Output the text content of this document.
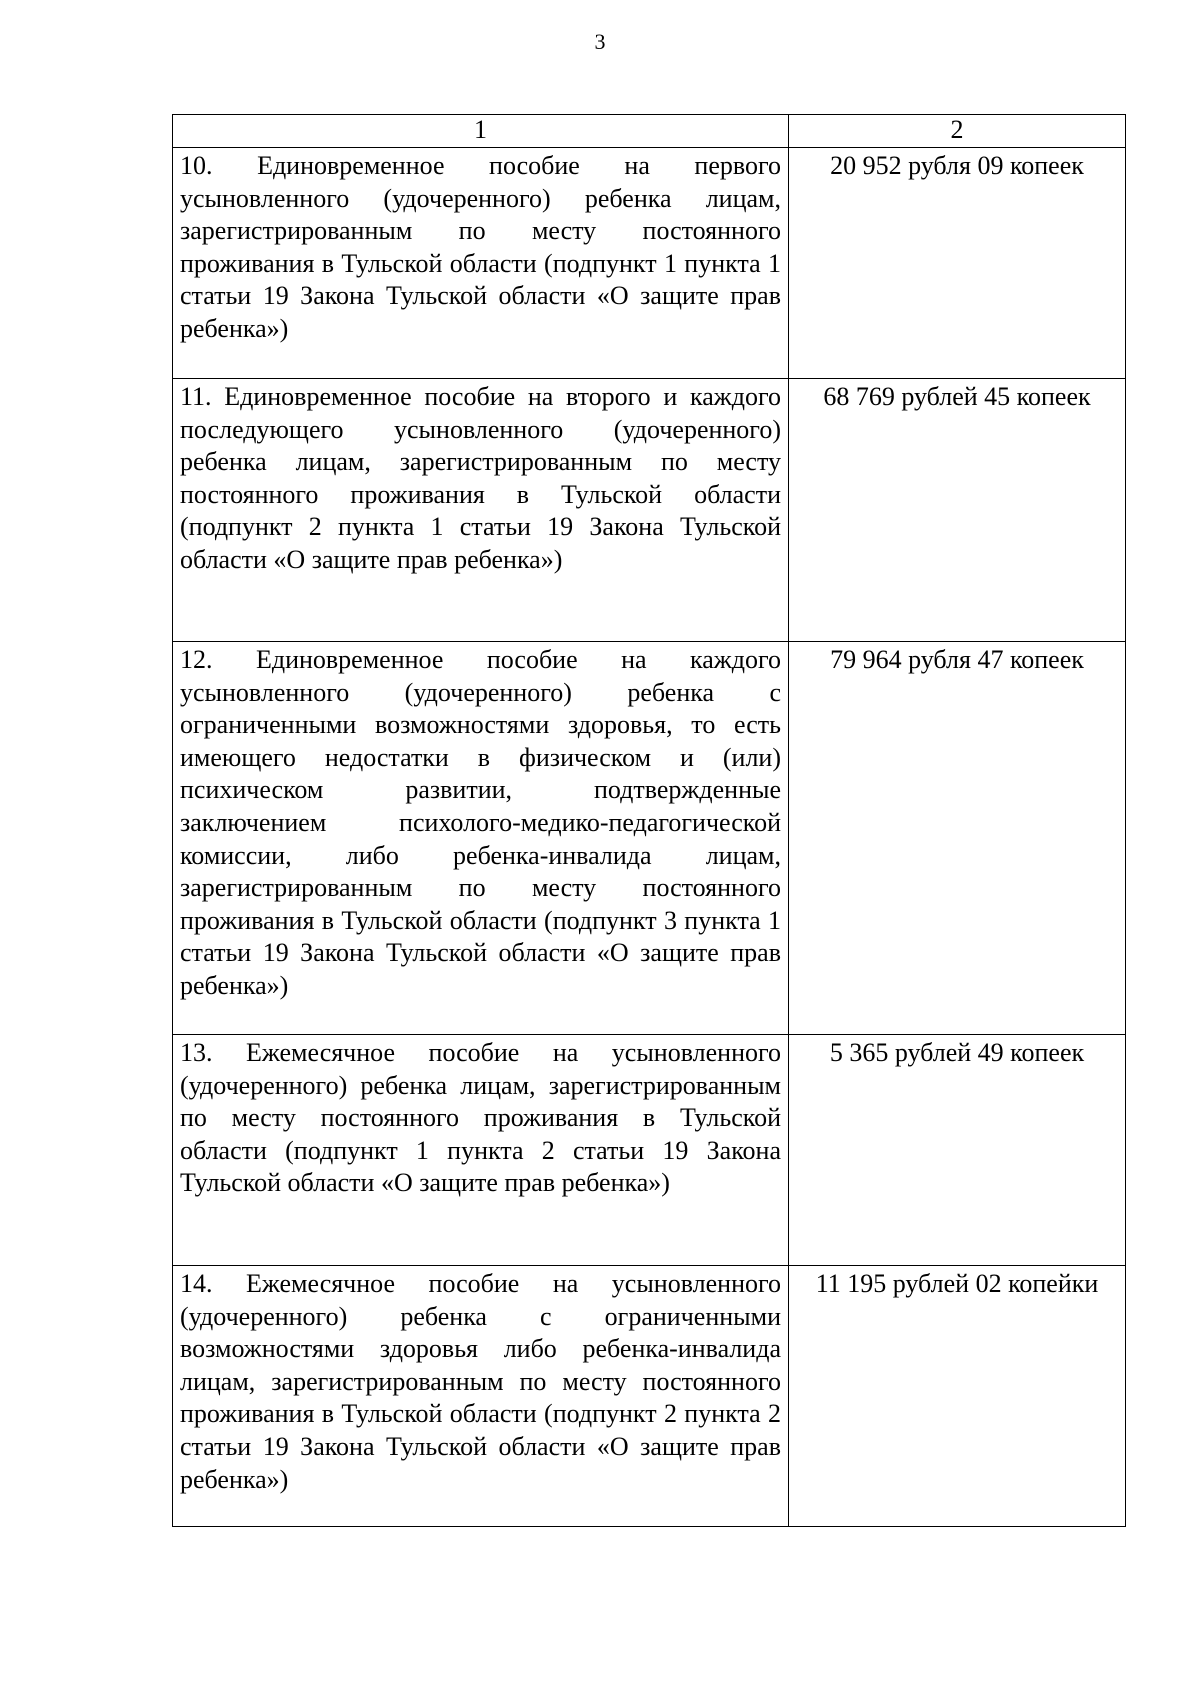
3
1	2
10. Единовременное пособие на первого усыновленного (удочеренного) ребенка лицам, зарегистрированным по месту постоянного проживания в Тульской области (подпункт 1 пункта 1 статьи 19 Закона Тульской области «О защите прав ребенка»)	20 952 рубля 09 копеек
11. Единовременное пособие на второго и каждого последующего усыновленного (удочеренного) ребенка лицам, зарегистрированным по месту постоянного проживания в Тульской области (подпункт 2 пункта 1 статьи 19 Закона Тульской области «О защите прав ребенка»)	68 769 рублей 45 копеек
12. Единовременное пособие на каждого усыновленного (удочеренного) ребенка с ограниченными возможностями здоровья, то есть имеющего недостатки в физическом и (или) психическом развитии, подтвержденные заключением психолого-медико-педагогической комиссии, либо ребенка-инвалида лицам, зарегистрированным по месту постоянного проживания в Тульской области (подпункт 3 пункта 1 статьи 19 Закона Тульской области «О защите прав ребенка»)	79 964 рубля 47 копеек
13. Ежемесячное пособие на усыновленного (удочеренного) ребенка лицам, зарегистрированным по месту постоянного проживания в Тульской области (подпункт 1 пункта 2 статьи 19 Закона Тульской области «О защите прав ребенка»)	5 365 рублей 49 копеек
14. Ежемесячное пособие на усыновленного (удочеренного) ребенка с ограниченными возможностями здоровья либо ребенка-инвалида лицам, зарегистрированным по месту постоянного проживания в Тульской области (подпункт 2 пункта 2 статьи 19 Закона Тульской области «О защите прав ребенка»)	11 195 рублей 02 копейки
